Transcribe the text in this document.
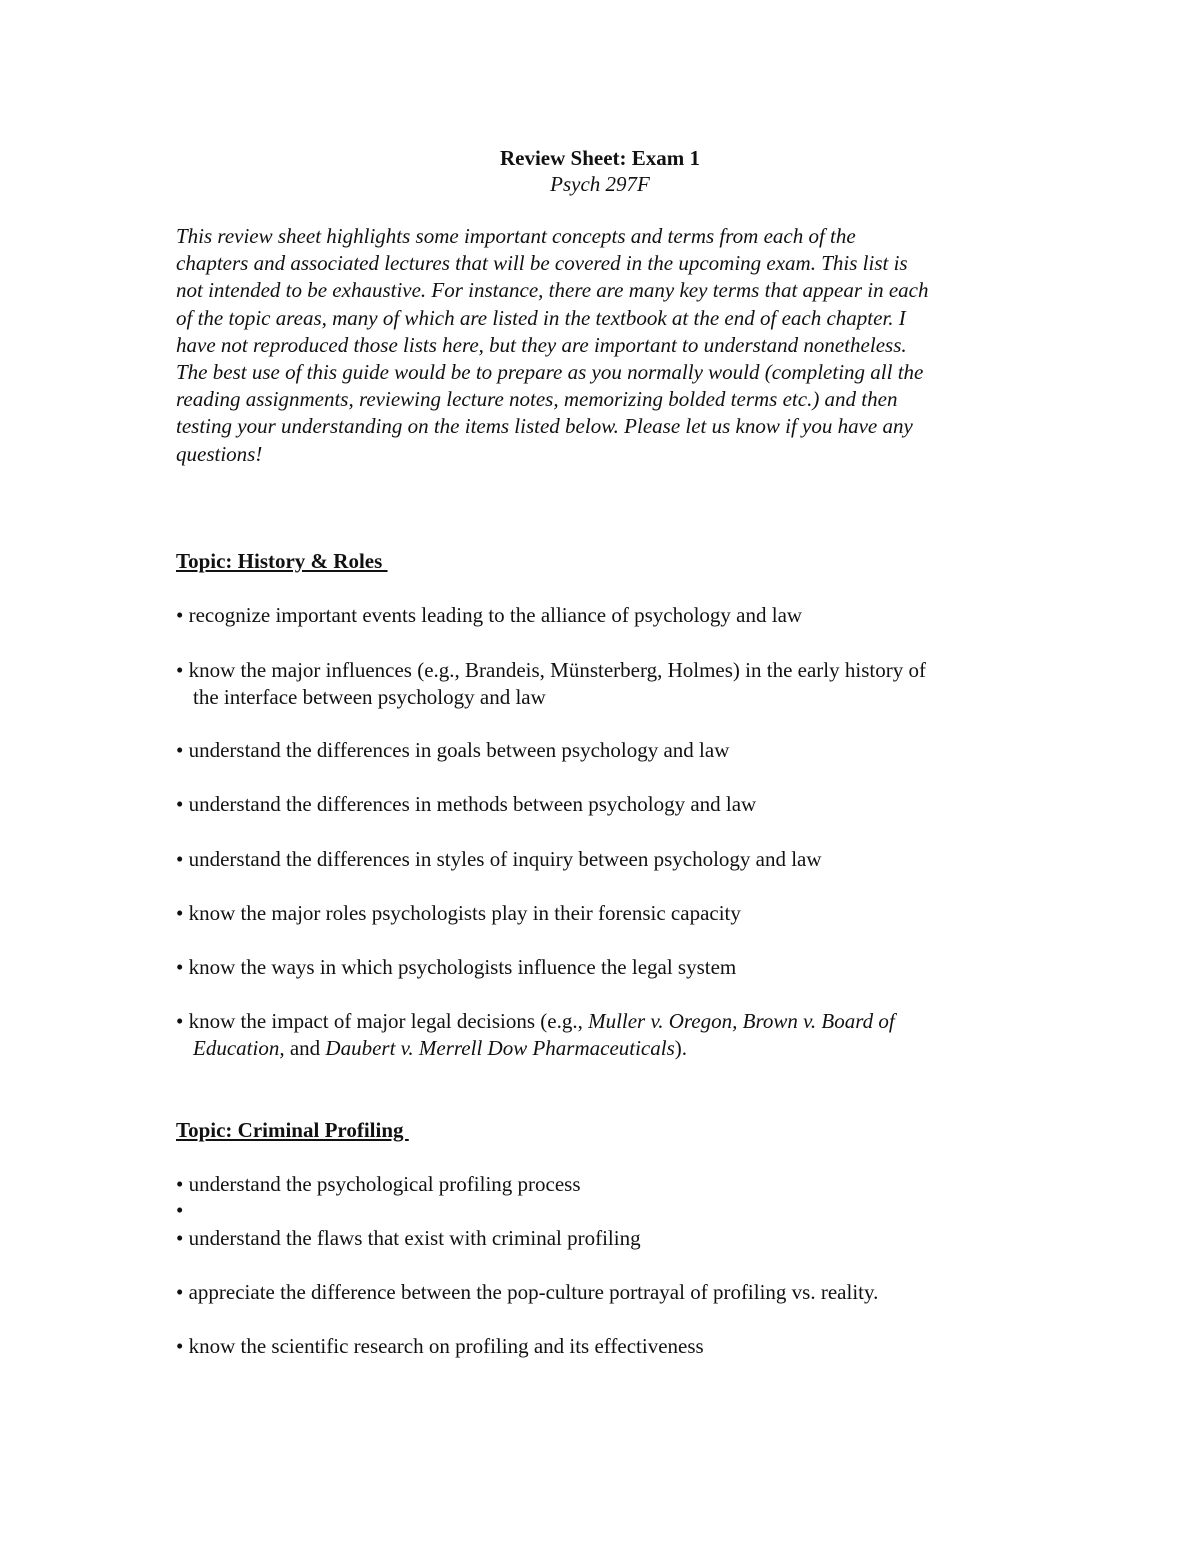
Review Sheet: Exam 1
Psych 297F
This review sheet highlights some important concepts and terms from each of the
chapters and associated lectures that will be covered in the upcoming exam. This list is
not intended to be exhaustive. For instance, there are many key terms that appear in each
of the topic areas, many of which are listed in the textbook at the end of each chapter. I
have not reproduced those lists here, but they are important to understand nonetheless.
The best use of this guide would be to prepare as you normally would (completing all the
reading assignments, reviewing lecture notes, memorizing bolded terms etc.) and then
testing your understanding on the items listed below. Please let us know if you have any
questions!
Topic: History & Roles
• recognize important events leading to the alliance of psychology and law
• know the major influences (e.g., Brandeis, Münsterberg, Holmes) in the early history of
the interface between psychology and law
• understand the differences in goals between psychology and law
• understand the differences in methods between psychology and law
• understand the differences in styles of inquiry between psychology and law
• know the major roles psychologists play in their forensic capacity
• know the ways in which psychologists influence the legal system
• know the impact of major legal decisions (e.g., Muller v. Oregon, Brown v. Board of
Education, and Daubert v. Merrell Dow Pharmaceuticals).
Topic: Criminal Profiling
• understand the psychological profiling process
•
• understand the flaws that exist with criminal profiling
• appreciate the difference between the pop-culture portrayal of profiling vs. reality.
• know the scientific research on profiling and its effectiveness
